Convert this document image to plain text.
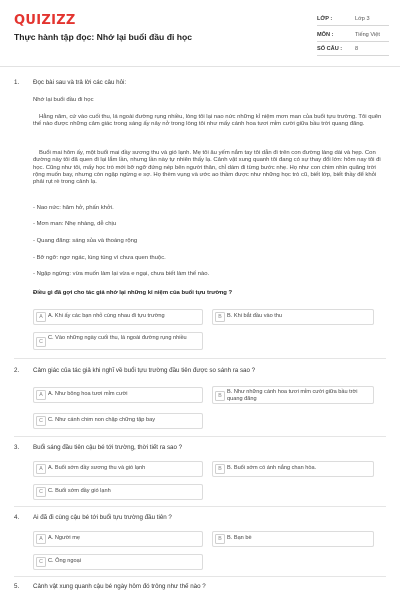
QUIZIZZ
Thực hành tập đọc: Nhớ lại buổi đầu đi học
LỚP :	Lớp 3
MÔN :	Tiếng Việt
SỐ CÂU : 8
1. Đọc bài sau và trả lời các câu hỏi:
Nhớ lại buổi đầu đi học
Hằng năm, cứ vào cuối thu, lá ngoài đường rụng nhiều, lòng tôi lại nao nức những kỉ niệm mơn man của buổi tựu trường. Tôi quên thế nào được những cảm giác trong sáng ấy nảy nở trong lòng tôi như mấy cánh hoa tươi mỉm cười giữa bầu trời quang đãng.
Buổi mai hôm ấy, một buổi mai đầy sương thu và gió lạnh. Mẹ tôi âu yếm nắm tay tôi dẫn đi trên con đường làng dài và hẹp. Con đường này tôi đã quen đi lại lắm lần, nhưng lần này tự nhiên thấy lạ. Cảnh vật xung quanh tôi đang có sự thay đổi lớn: hôm nay tôi đi học. Cũng như tôi, mấy học trò mới bỡ ngỡ đứng nép bên người thân, chỉ dám đi từng bước nhẹ. Họ như con chim nhìn quãng trời rộng muốn bay, nhưng còn ngập ngừng e sợ. Họ thèm vụng và ước ao thầm được như những học trò cũ, biết lớp, biết thầy để khỏi phải rụt rè trong cảnh lạ.
- Nao nức: hăm hở, phấn khởi.
- Mơn man: Nhẹ nhàng, dễ chịu
- Quang đãng: sáng sủa và thoáng rộng
- Bỡ ngỡ: ngơ ngác, lúng túng vì chưa quen thuộc.
- Ngập ngừng: vừa muốn làm lại vừa e ngại, chưa biết làm thế nào.
Điều gì đã gợi cho tác giả nhớ lại những kỉ niệm của buổi tựu trường ?
A A. Khi ấy các bạn nhỏ cùng nhau đi tựu trường	B B. Khi bắt đầu vào thu
C
C. Vào những ngày cuối thu, lá ngoài đường rụng nhiều
2. Cảm giác của tác giả khi nghĩ về buổi tựu trường đầu tiên được so sánh ra sao ?
A A. Như bông hoa tươi mỉm cười	B
B. Như những cánh hoa tươi mỉm cười giữa bầu trời quang đãng
C C. Như cánh chim non chập chững tập bay
3. Buổi sáng đầu tiên cậu bé tới trường, thời tiết ra sao ?
A A. Buổi sớm đầy sương thu và gió lạnh	B B. Buổi sớm có ánh nắng chan hòa.
C C. Buổi sớm đầy gió lạnh
4. Ai đã đi cùng cậu bé tới buổi tựu trường đầu tiên ?
A A. Người mẹ	B B. Bạn bè
C C. Ông ngoại
5. Cảnh vật xung quanh cậu bé ngày hôm đó trông như thế nào ?
